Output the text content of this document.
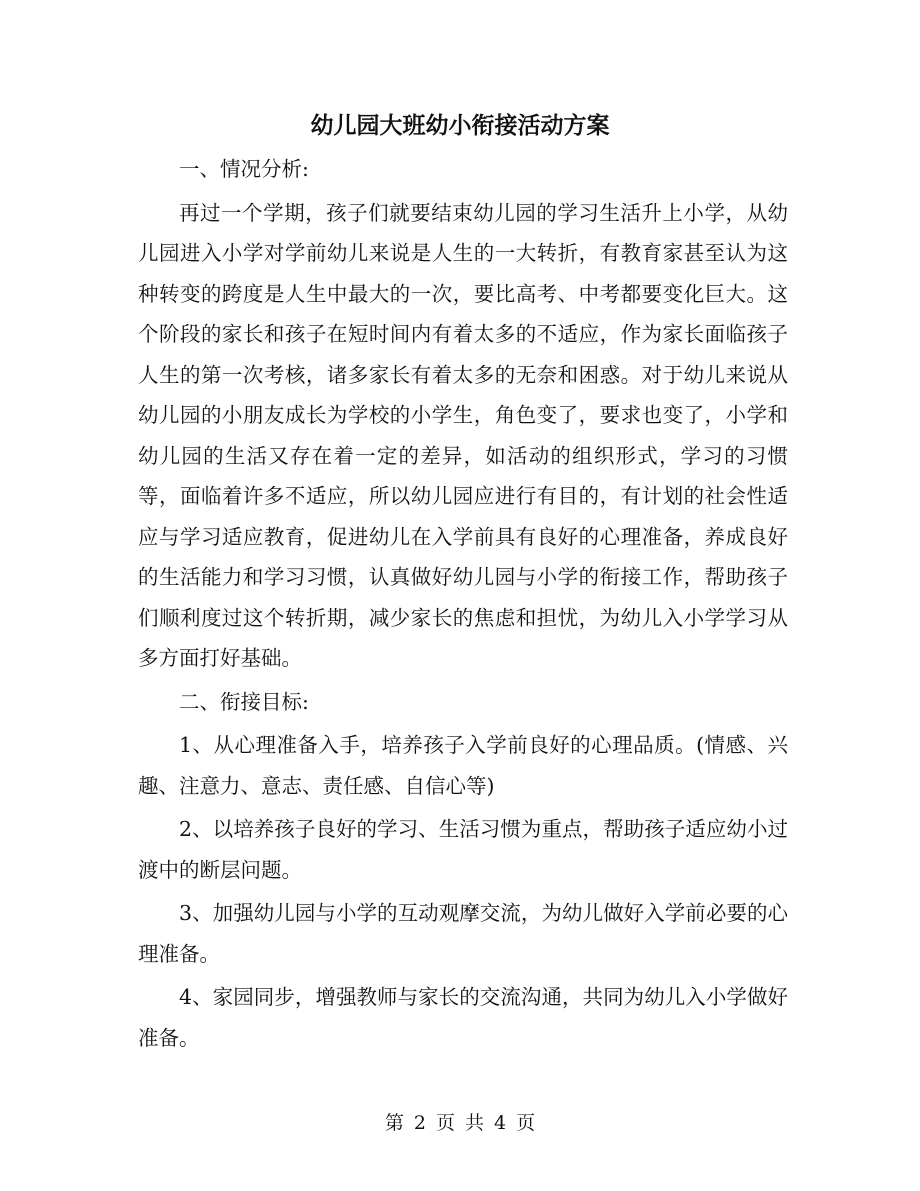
幼儿园大班幼小衔接活动方案

一、情况分析:

再过一个学期，孩子们就要结束幼儿园的学习生活升上小学，从幼儿园进入小学对学前幼儿来说是人生的一大转折，有教育家甚至认为这种转变的跨度是人生中最大的一次，要比高考、中考都要变化巨大。这个阶段的家长和孩子在短时间内有着太多的不适应，作为家长面临孩子人生的第一次考核，诸多家长有着太多的无奈和困惑。对于幼儿来说从幼儿园的小朋友成长为学校的小学生，角色变了，要求也变了，小学和幼儿园的生活又存在着一定的差异，如活动的组织形式，学习的习惯等，面临着许多不适应，所以幼儿园应进行有目的，有计划的社会性适应与学习适应教育，促进幼儿在入学前具有良好的心理准备，养成良好的生活能力和学习习惯，认真做好幼儿园与小学的衔接工作，帮助孩子们顺利度过这个转折期，减少家长的焦虑和担忧，为幼儿入小学学习从多方面打好基础。

二、衔接目标:

1、从心理准备入手，培养孩子入学前良好的心理品质。(情感、兴趣、注意力、意志、责任感、自信心等)

2、以培养孩子良好的学习、生活习惯为重点，帮助孩子适应幼小过渡中的断层问题。

3、加强幼儿园与小学的互动观摩交流，为幼儿做好入学前必要的心理准备。

4、家园同步，增强教师与家长的交流沟通，共同为幼儿入小学做好准备。

第 2 页 共 4 页
